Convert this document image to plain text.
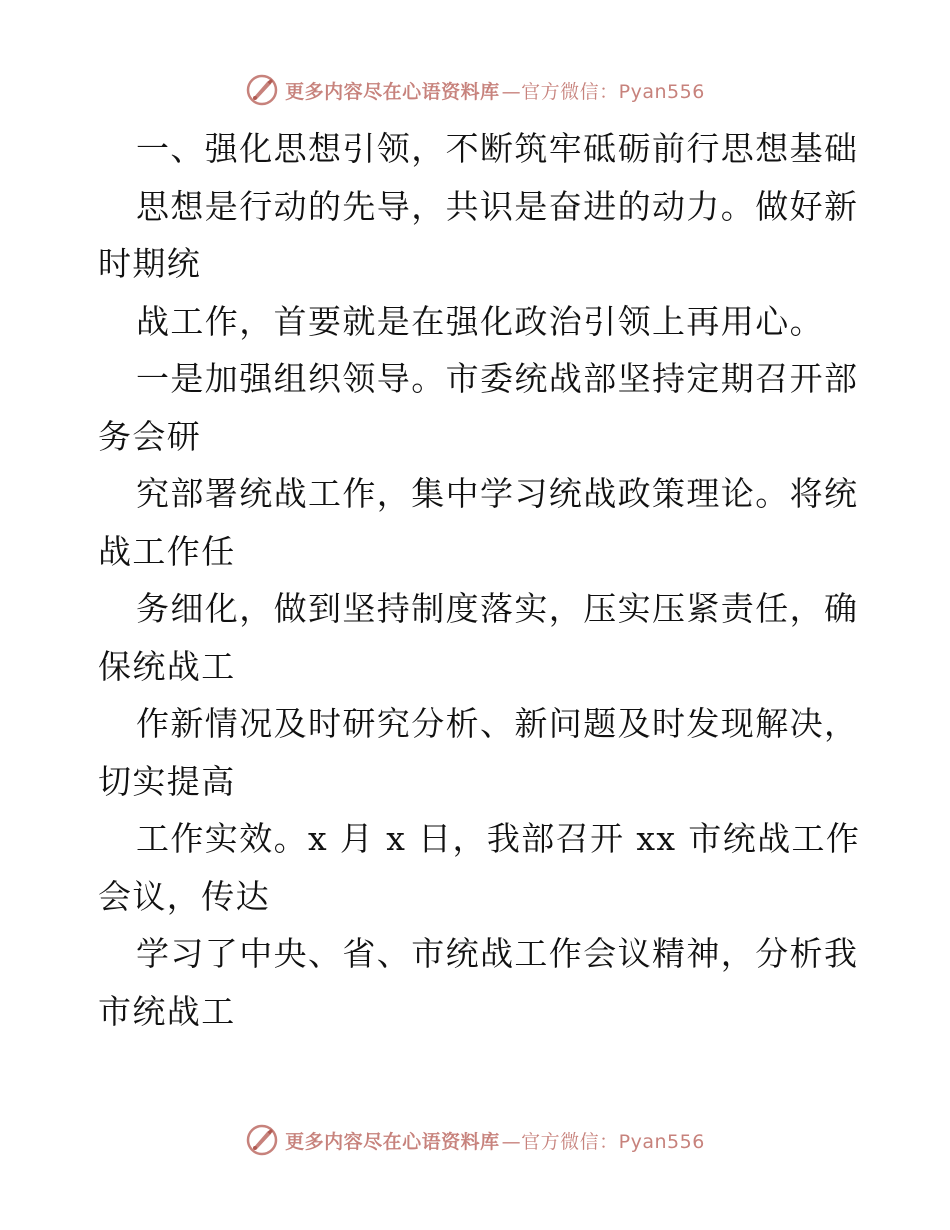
更多内容尽在心语资料库 —官方微信：Pyan556
一、强化思想引领，不断筑牢砥砺前行思想基础
思想是行动的先导，共识是奋进的动力。做好新
时期统
战工作，首要就是在强化政治引领上再用心。
一是加强组织领导。市委统战部坚持定期召开部
务会研
究部署统战工作，集中学习统战政策理论。将统
战工作任
务细化，做到坚持制度落实，压实压紧责任，确
保统战工
作新情况及时研究分析、新问题及时发现解决，
切实提高
工作实效。x 月 x 日，我部召开 xx 市统战工作
会议，传达
学习了中央、省、市统战工作会议精神，分析我
市统战工
更多内容尽在心语资料库 —官方微信：Pyan556
